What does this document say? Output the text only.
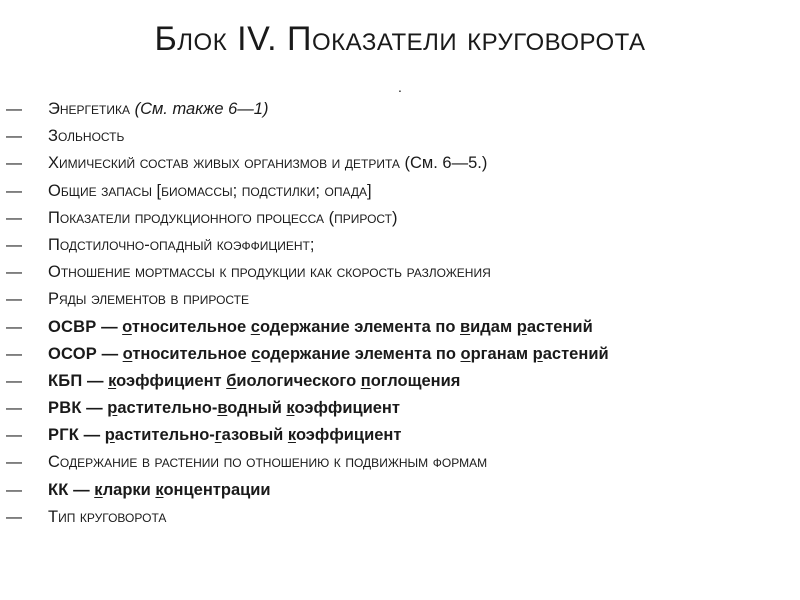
Блок IV. Показатели круговорота
.
—	Энергетика (См. также 6—1)
—	Зольность
—	Химический состав живых организмов и детрита (См. 6—5.)
—	Общие запасы [биомассы; подстилки; опада]
—	Показатели продукционного процесса (прирост)
—	Подстилочно-опадный коэффициент;
—	Отношение мортмассы к продукции как скорость разложения
—	Ряды элементов в приросте
—	ОСВР — относительное содержание элемента по видам растений
—	ОСОР — относительное содержание элемента по органам растений
—	КБП — коэффициент биологического поглощения
—	РВК — растительно-водный коэффициент
—	РГК — растительно-газовый коэффициент
—	Содержание в растении по отношению к подвижным формам
—	КК — кларки концентрации
—	Тип круговорота
